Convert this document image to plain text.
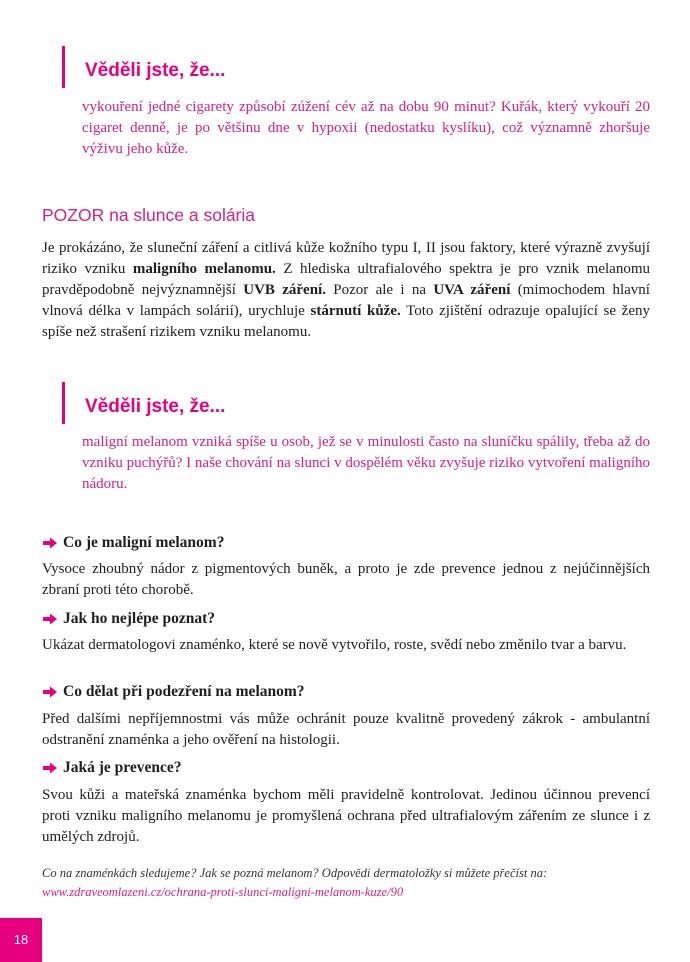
Věděli jste, že...
vykouření jedné cigarety způsobí zúžení cév až na dobu 90 minut? Kuřák, který vykouří 20 cigaret denně, je po většinu dne v hypoxii (nedostatku kyslíku), což významně zhoršuje výživu jeho kůže.
POZOR na slunce a solária
Je prokázáno, že sluneční záření a citlivá kůže kožního typu I, II jsou faktory, které výrazně zvyšují riziko vzniku maligního melanomu. Z hlediska ultrafialového spektra je pro vznik melanomu pravděpodobně nejvýznamnější UVB záření. Pozor ale i na UVA záření (mimochodem hlavní vlnová délka v lampách solárií), urychluje stárnutí kůže. Toto zjištění odrazuje opalující se ženy spíše než strašení rizikem vzniku melanomu.
Věděli jste, že...
maligní melanom vzniká spíše u osob, jež se v minulosti často na sluníčku spálily, třeba až do vzniku puchýřů? I naše chování na slunci v dospělém věku zvyšuje riziko vytvoření maligního nádoru.
Co je maligní melanom?
Vysoce zhoubný nádor z pigmentových buněk, a proto je zde prevence jednou z nejúčinnějších zbraní proti této chorobě.
Jak ho nejlépe poznat?
Ukázat dermatologovi znaménko, které se nově vytvořilo, roste, svědí nebo změnilo tvar a barvu.
Co dělat při podezření na melanom?
Před dalšími nepříjemnostmi vás může ochránit pouze kvalitně provedený zákrok - ambulantní odstranění znaménka a jeho ověření na histologii.
Jaká je prevence?
Svou kůži a mateřská znaménka bychom měli pravidelně kontrolovat. Jedinou účinnou prevencí proti vzniku maligního melanomu je promyšlená ochrana před ultrafialovým zářením ze slunce i z umělých zdrojů.
Co na znaménkách sledujeme? Jak se pozná melanom? Odpovědi dermatoložky si můžete přečíst na:
www.zdraveomlazeni.cz/ochrana-proti-slunci-maligni-melanom-kuze/90
18
